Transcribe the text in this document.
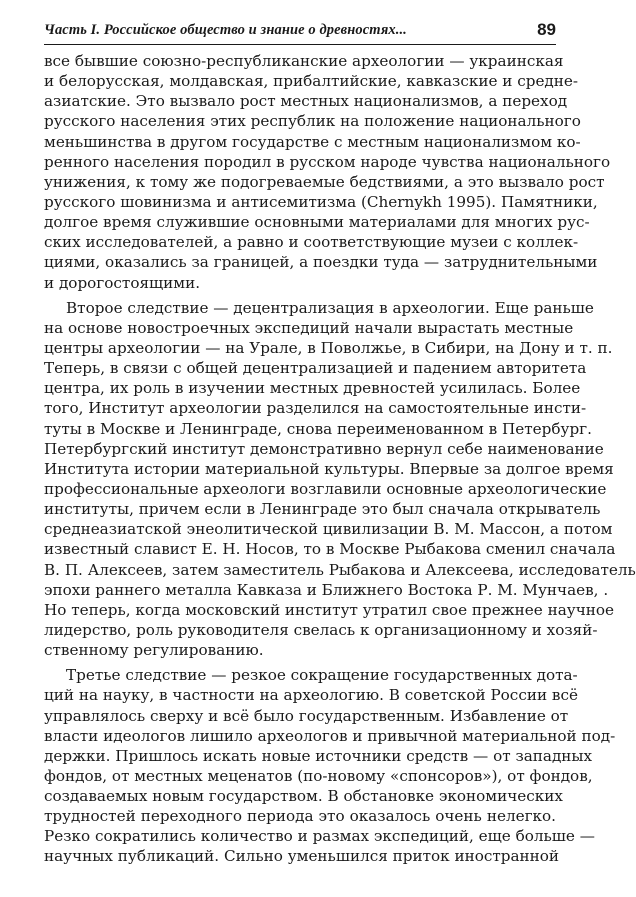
Часть I. Российское общество и знание о древностях...	89

все бывшие союзно-республиканские археологии — украинская
и белорусская, молдавская, прибалтийские, кавказские и средне-
азиатские. Это вызвало рост местных национализмов, а переход
русского населения этих республик на положение национального
меньшинства в другом государстве с местным национализмом ко-
ренного населения породил в русском народе чувства национального
унижения, к тому же подогреваемые бедствиями, а это вызвало рост
русского шовинизма и антисемитизма (Chernykh 1995). Памятники,
долгое время служившие основными материалами для многих рус-
ских исследователей, а равно и соответствующие музеи с коллек-
циями, оказались за границей, а поездки туда — затруднительными
и дорогостоящими.

Второе следствие — децентрализация в археологии. Еще раньше
на основе новостроечных экспедиций начали вырастать местные
центры археологии — на Урале, в Поволжье, в Сибири, на Дону и т. п.
Теперь, в связи с общей децентрализацией и падением авторитета
центра, их роль в изучении местных древностей усилилась. Более
того, Институт археологии разделился на самостоятельные инсти-
туты в Москве и Ленинграде, снова переименованном в Петербург.
Петербургский институт демонстративно вернул себе наименование
Института истории материальной культуры. Впервые за долгое время
профессиональные археологи возглавили основные археологические
институты, причем если в Ленинграде это был сначала открыватель
среднеазиатской энеолитической цивилизации В. М. Массон, а потом
известный славист Е. Н. Носов, то в Москве Рыбакова сменил сначала
В. П. Алексеев, затем заместитель Рыбакова и Алексеева, исследователь
эпохи раннего металла Кавказа и Ближнего Востока Р. М. Мунчаев, .
Но теперь, когда московский институт утратил свое прежнее научное
лидерство, роль руководителя свелась к организационному и хозяй-
ственному регулированию.

Третье следствие — резкое сокращение государственных дота-
ций на науку, в частности на археологию. В советской России всё
управлялось сверху и всё было государственным. Избавление от
власти идеологов лишило археологов и привычной материальной под-
держки. Пришлось искать новые источники средств — от западных
фондов, от местных меценатов (по-новому «спонсоров»), от фондов,
создаваемых новым государством. В обстановке экономических
трудностей переходного периода это оказалось очень нелегко.
Резко сократились количество и размах экспедиций, еще больше —
научных публикаций. Сильно уменьшился приток иностранной
